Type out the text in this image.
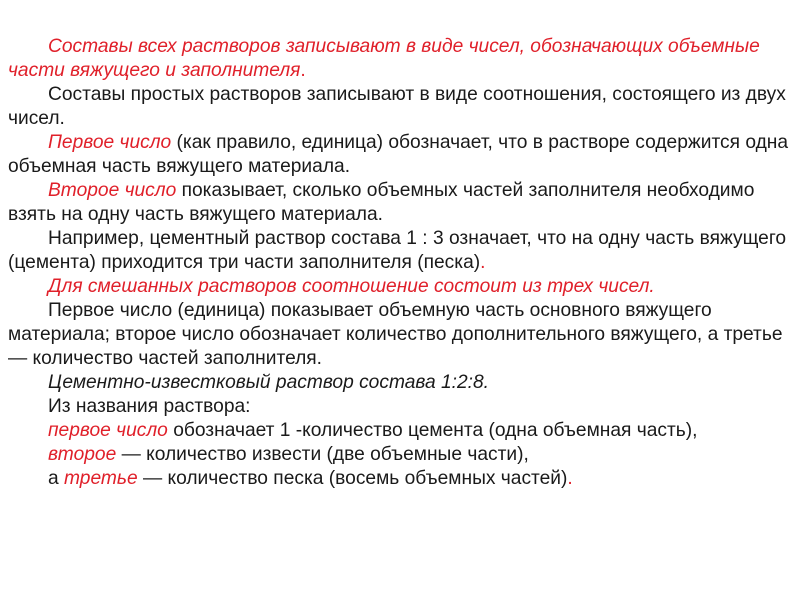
Составы всех растворов записывают в виде чисел, обозначающих объемные части вяжущего и заполнителя.

Составы простых растворов записывают в виде соотношения, состоящего из двух чисел.

Первое число (как правило, единица) обозначает, что в растворе содержится одна объемная часть вяжущего материала.

Второе число показывает, сколько объемных частей заполнителя необходимо взять на одну часть вяжущего материала.

Например, цементный раствор состава 1 : 3 означает, что на одну часть вяжущего (цемента) приходится три части заполнителя (песка).

Для смешанных растворов соотношение состоит из трех чисел.

Первое число (единица) показывает объемную часть основного вяжущего материала; второе число обозначает количество дополнительного вяжущего, а третье — количество частей заполнителя.

Цементно-известковый раствор состава 1:2:8.

Из названия раствора:

первое число обозначает 1 -количество цемента (одна объемная часть),

второе — количество извести (две объемные части),

а третье — количество песка (восемь объемных частей).
